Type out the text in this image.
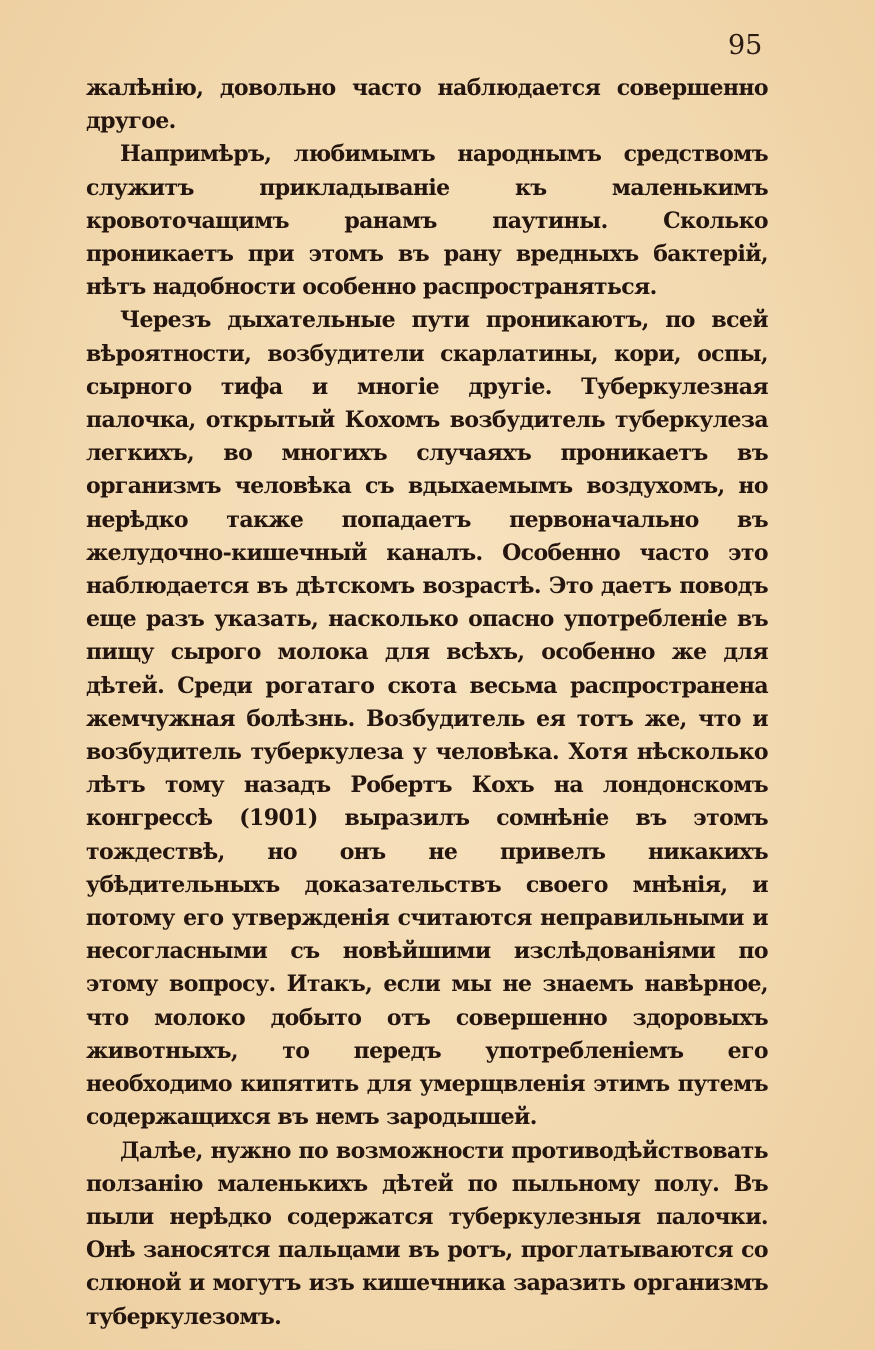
95

жалѣнію, довольно часто наблюдается совершенно другое.

Напримѣръ, любимымъ народнымъ средствомъ служитъ прикладываніе къ маленькимъ кровоточащимъ ранамъ паутины. Сколько проникаетъ при этомъ въ рану вредныхъ бактерій, нѣтъ надобности особенно распространяться.

Черезъ дыхательные пути проникаютъ, по всей вѣроятности, возбудители скарлатины, кори, оспы, сырного тифа и многіе другіе. Туберкулезная палочка, открытый Кохомъ возбудитель туберкулеза легкихъ, во многихъ случаяхъ проникаетъ въ организмъ человѣка съ вдыхаемымъ воздухомъ, но нерѣдко также попадаетъ первоначально въ желудочно-кишечный каналъ. Особенно часто это наблюдается въ дѣтскомъ возрастѣ. Это даетъ поводъ еще разъ указать, насколько опасно употребленіе въ пищу сырого молока для всѣхъ, особенно же для дѣтей. Среди рогатаго скота весьма распространена жемчужная болѣзнь. Возбудитель ея тотъ же, что и возбудитель туберкулеза у человѣка. Хотя нѣсколько лѣтъ тому назадъ Робертъ Кохъ на лондонскомъ конгрессѣ (1901) выразилъ сомнѣніе въ этомъ тождествѣ, но онъ не привелъ никакихъ убѣдительныхъ доказательствъ своего мнѣнія, и потому его утвержденія считаются неправильными и несогласными съ новѣйшими изслѣдованіями по этому вопросу. Итакъ, если мы не знаемъ навѣрное, что молоко добыто отъ совершенно здоровыхъ животныхъ, то передъ употребленіемъ его необходимо кипятить для умерщвленія этимъ путемъ содержащихся въ немъ зародышей.

Далѣе, нужно по возможности противодѣйствовать ползанію маленькихъ дѣтей по пыльному полу. Въ пыли нерѣдко содержатся туберкулезныя палочки. Онѣ заносятся пальцами въ ротъ, проглатываются со слюной и могутъ изъ кишечника заразить организмъ туберкулезомъ.
